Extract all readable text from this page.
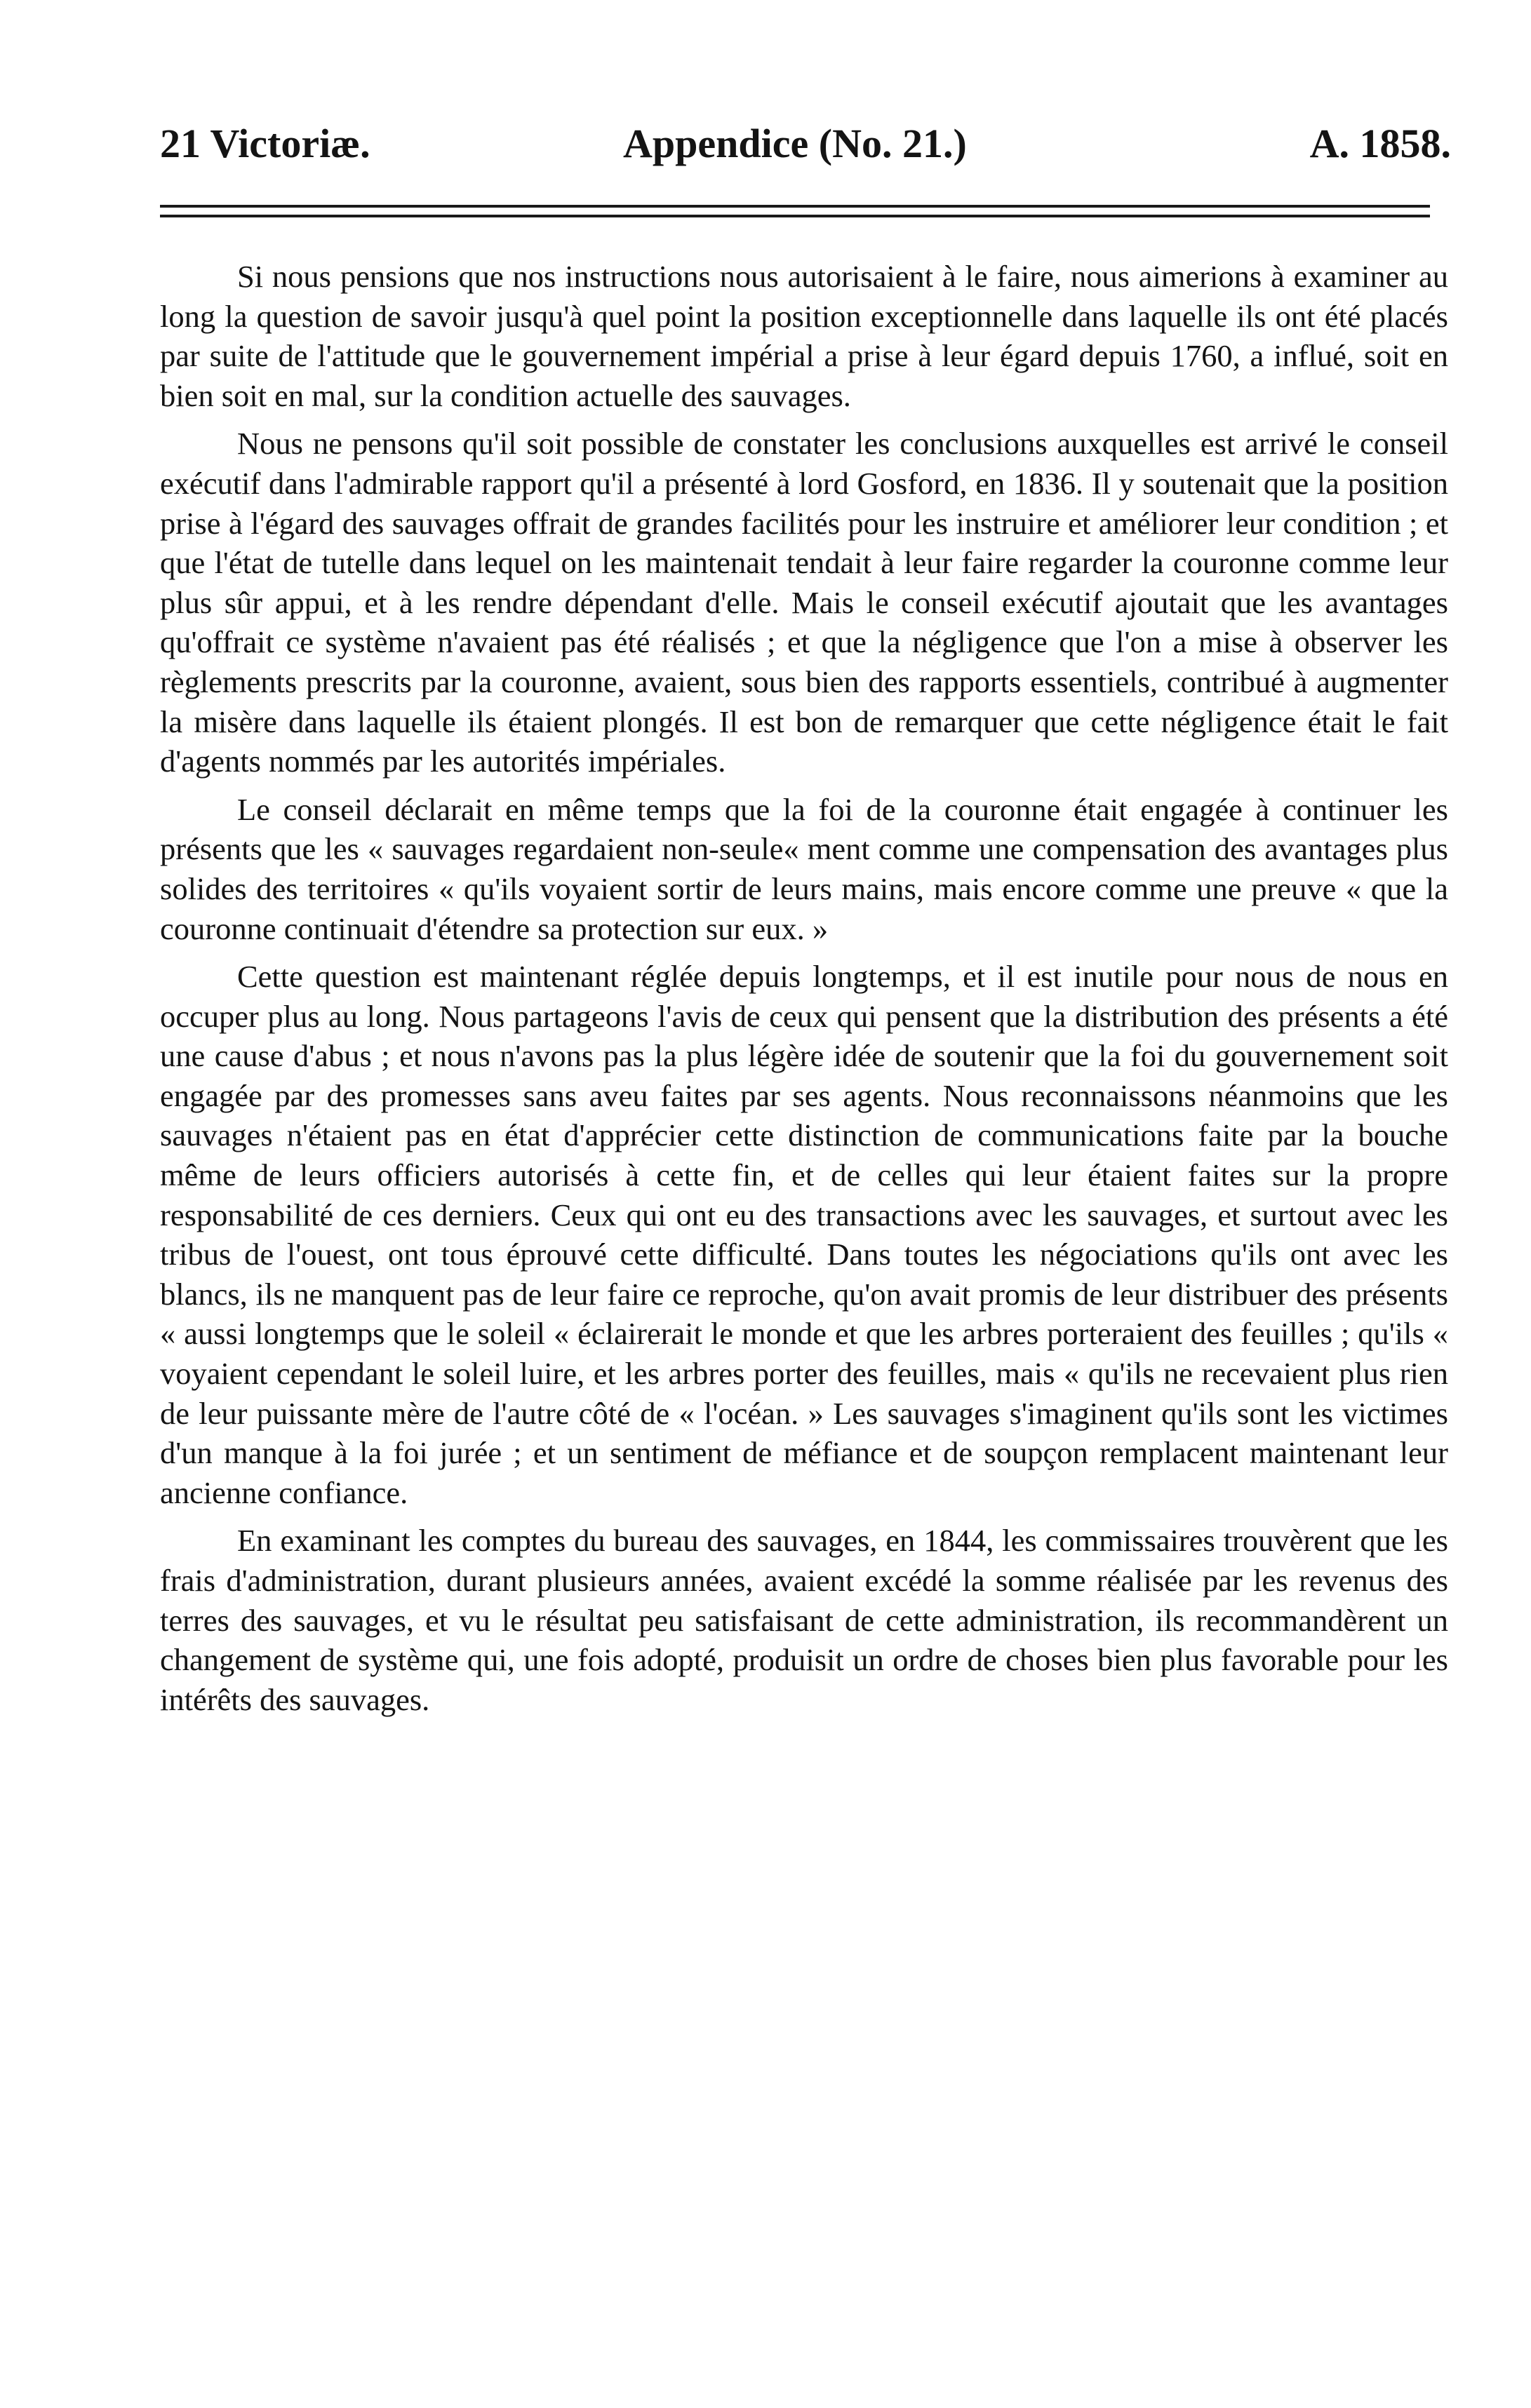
21 Victoriæ.	Appendice (No. 21.)	A. 1858.

Si nous pensions que nos instructions nous autorisaient à le faire, nous aimerions à examiner au long la question de savoir jusqu'à quel point la position exceptionnelle dans laquelle ils ont été placés par suite de l'attitude que le gouvernement impérial a prise à leur égard depuis 1760, a influé, soit en bien soit en mal, sur la condition actuelle des sauvages.

Nous ne pensons qu'il soit possible de constater les conclusions auxquelles est arrivé le conseil exécutif dans l'admirable rapport qu'il a présenté à lord Gosford, en 1836. Il y soutenait que la position prise à l'égard des sauvages offrait de grandes facilités pour les instruire et améliorer leur condition ; et que l'état de tutelle dans lequel on les maintenait tendait à leur faire regarder la couronne comme leur plus sûr appui, et à les rendre dépendant d'elle. Mais le conseil exécutif ajoutait que les avantages qu'offrait ce système n'avaient pas été réalisés ; et que la négligence que l'on a mise à observer les règlements prescrits par la couronne, avaient, sous bien des rapports essentiels, contribué à augmenter la misère dans laquelle ils étaient plongés. Il est bon de remarquer que cette négligence était le fait d'agents nommés par les autorités impériales.

Le conseil déclarait en même temps que la foi de la couronne était engagée à continuer les présents que les « sauvages regardaient non-seule« ment comme une compensation des avantages plus solides des territoires « qu'ils voyaient sortir de leurs mains, mais encore comme une preuve « que la couronne continuait d'étendre sa protection sur eux. »

Cette question est maintenant réglée depuis longtemps, et il est inutile pour nous de nous en occuper plus au long. Nous partageons l'avis de ceux qui pensent que la distribution des présents a été une cause d'abus ; et nous n'avons pas la plus légère idée de soutenir que la foi du gouvernement soit engagée par des promesses sans aveu faites par ses agents. Nous reconnaissons néanmoins que les sauvages n'étaient pas en état d'apprécier cette distinction de communications faite par la bouche même de leurs officiers autorisés à cette fin, et de celles qui leur étaient faites sur la propre responsabilité de ces derniers. Ceux qui ont eu des transactions avec les sauvages, et surtout avec les tribus de l'ouest, ont tous éprouvé cette difficulté. Dans toutes les négociations qu'ils ont avec les blancs, ils ne manquent pas de leur faire ce reproche, qu'on avait promis de leur distribuer des présents « aussi longtemps que le soleil « éclairerait le monde et que les arbres porteraient des feuilles ; qu'ils « voyaient cependant le soleil luire, et les arbres porter des feuilles, mais « qu'ils ne recevaient plus rien de leur puissante mère de l'autre côté de « l'océan. » Les sauvages s'imaginent qu'ils sont les victimes d'un manque à la foi jurée ; et un sentiment de méfiance et de soupçon remplacent maintenant leur ancienne confiance.

En examinant les comptes du bureau des sauvages, en 1844, les commissaires trouvèrent que les frais d'administration, durant plusieurs années, avaient excédé la somme réalisée par les revenus des terres des sauvages, et vu le résultat peu satisfaisant de cette administration, ils recommandèrent un changement de système qui, une fois adopté, produisit un ordre de choses bien plus favorable pour les intérêts des sauvages.
